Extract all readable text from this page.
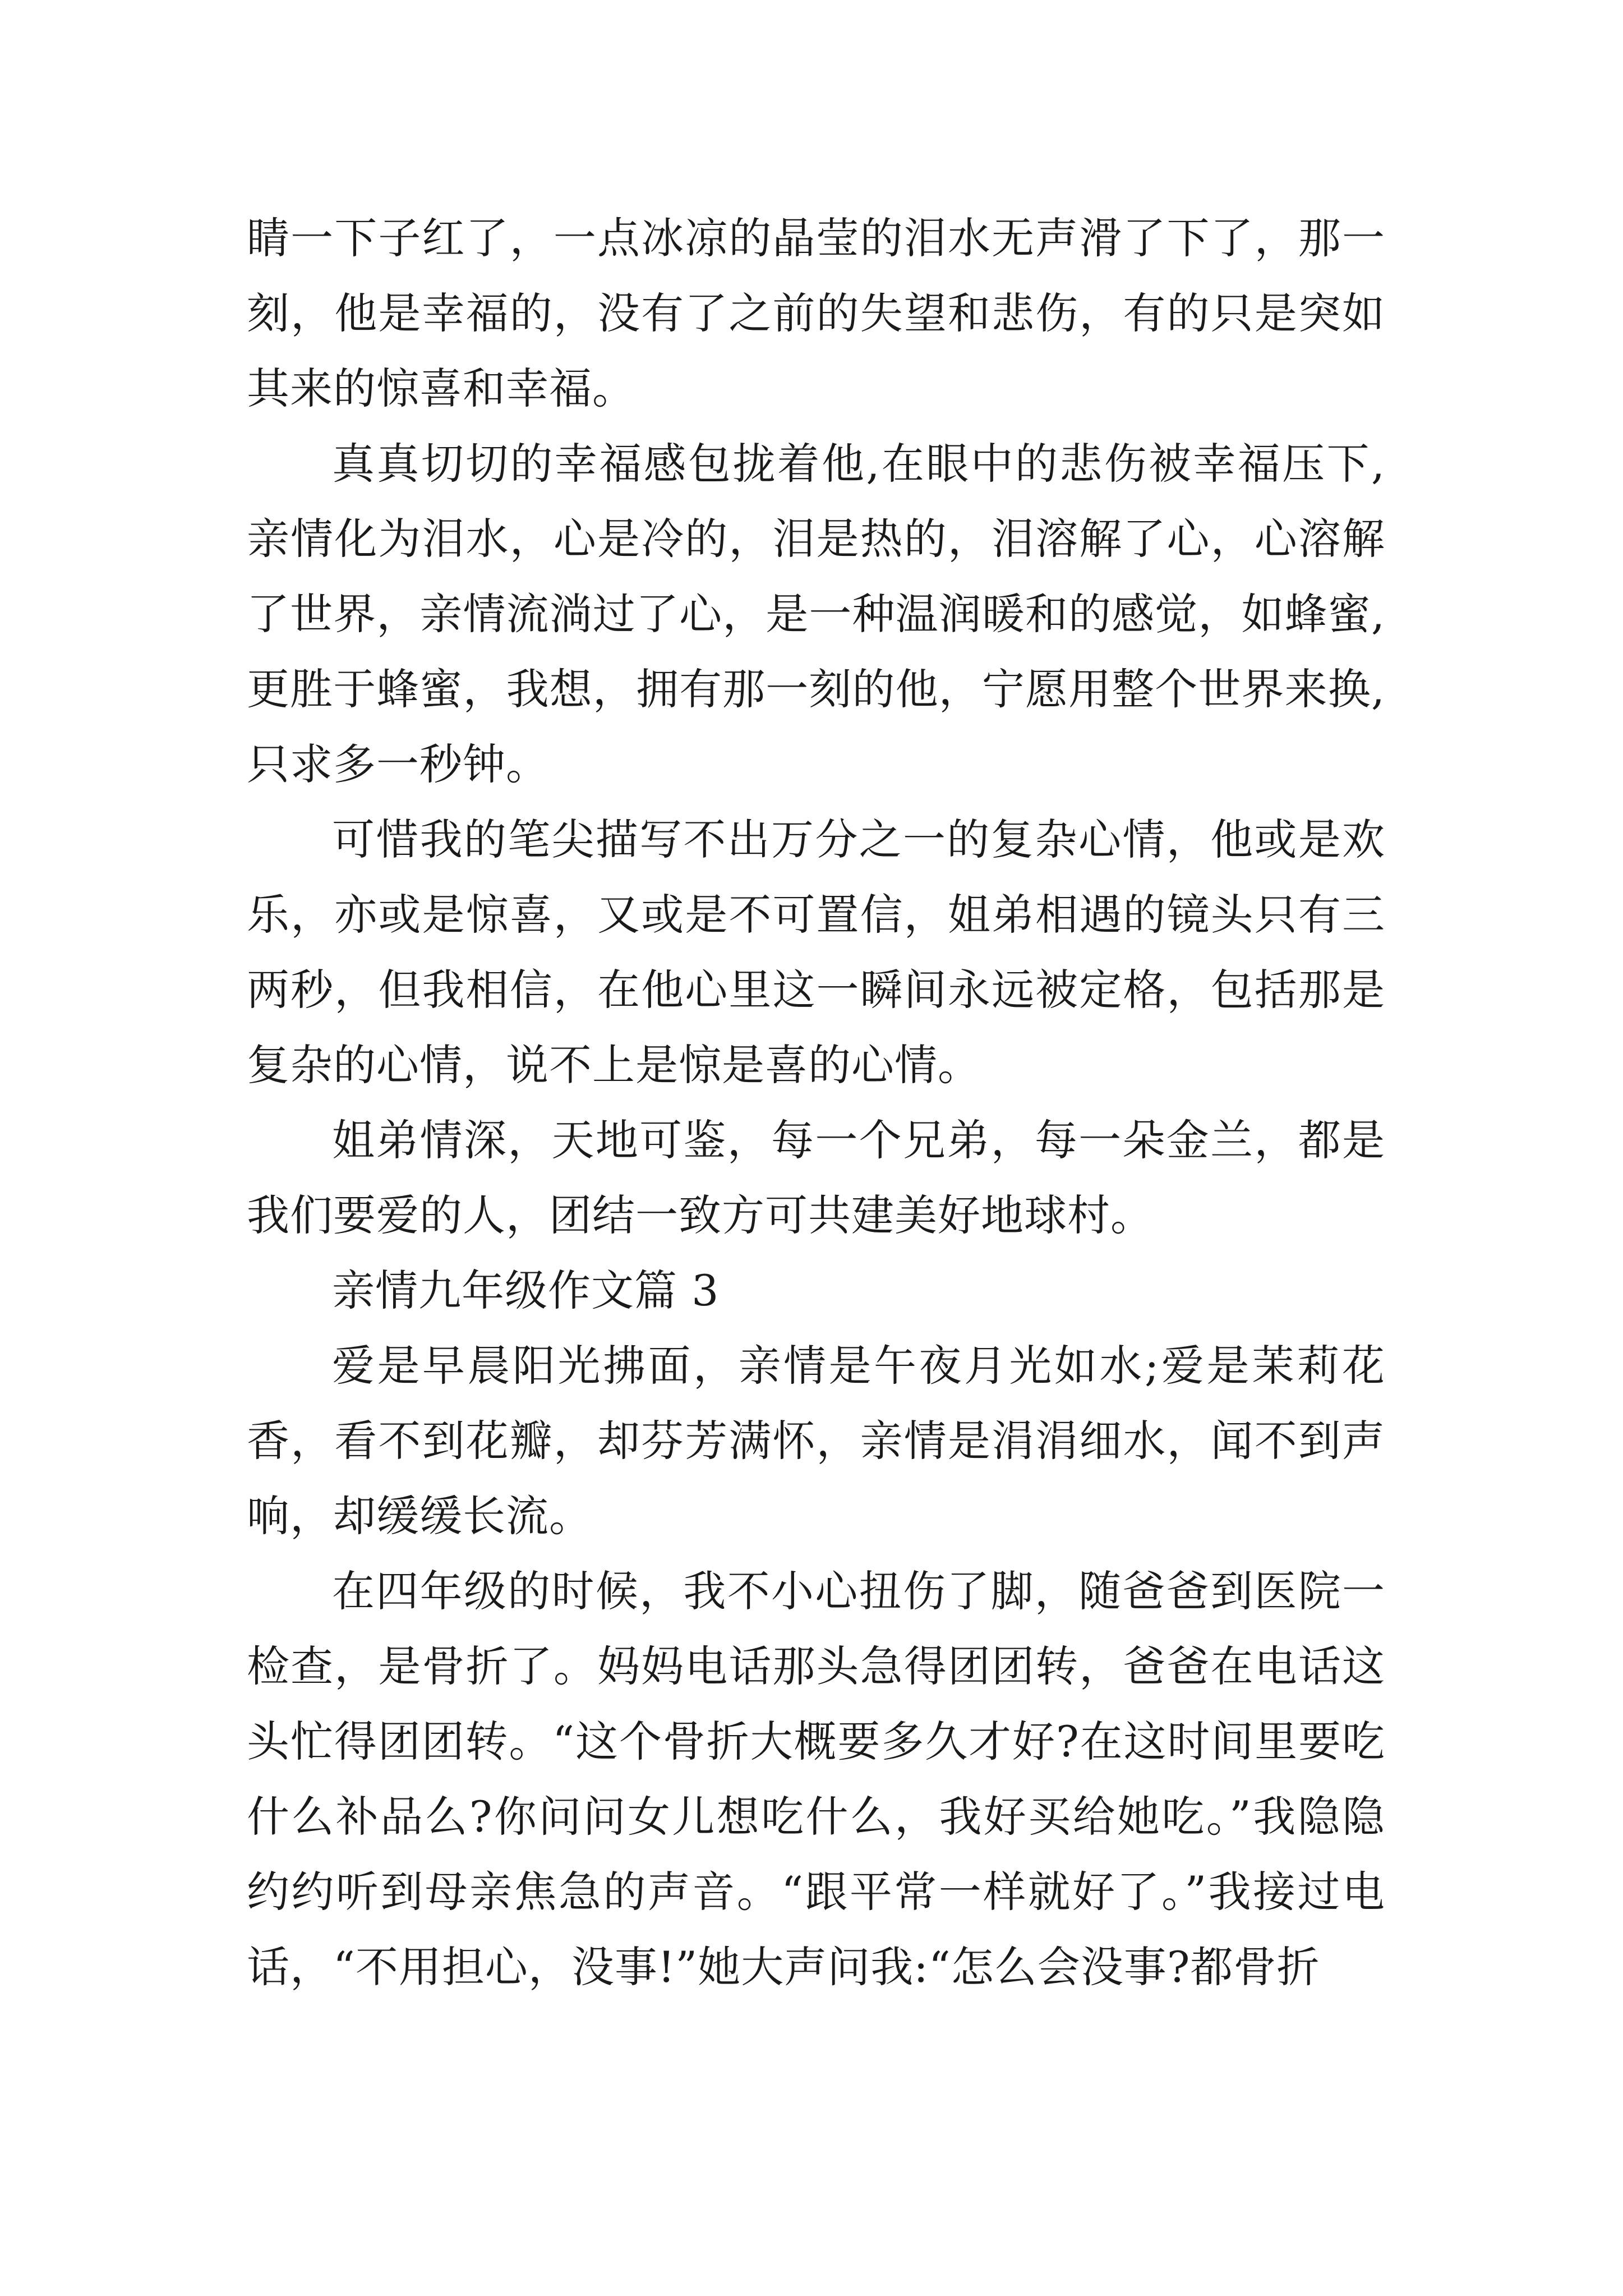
睛一下子红了，一点冰凉的晶莹的泪水无声滑了下了，那一刻，他是幸福的，没有了之前的失望和悲伤，有的只是突如其来的惊喜和幸福。

真真切切的幸福感包拢着他,在眼中的悲伤被幸福压下,亲情化为泪水，心是冷的，泪是热的，泪溶解了心，心溶解了世界，亲情流淌过了心，是一种温润暖和的感觉，如蜂蜜,更胜于蜂蜜，我想，拥有那一刻的他，宁愿用整个世界来换,只求多一秒钟。

可惜我的笔尖描写不出万分之一的复杂心情，他或是欢乐，亦或是惊喜，又或是不可置信，姐弟相遇的镜头只有三两秒，但我相信，在他心里这一瞬间永远被定格，包括那是复杂的心情，说不上是惊是喜的心情。

姐弟情深，天地可鉴，每一个兄弟，每一朵金兰，都是我们要爱的人，团结一致方可共建美好地球村。

亲情九年级作文篇 3

爱是早晨阳光拂面，亲情是午夜月光如水;爱是茉莉花香，看不到花瓣，却芬芳满怀，亲情是涓涓细水，闻不到声响，却缓缓长流。

在四年级的时候，我不小心扭伤了脚，随爸爸到医院一检查，是骨折了。妈妈电话那头急得团团转，爸爸在电话这头忙得团团转。“这个骨折大概要多久才好?在这时间里要吃什么补品么?你问问女儿想吃什么，我好买给她吃。”我隐隐约约听到母亲焦急的声音。“跟平常一样就好了。”我接过电话，“不用担心，没事!”她大声问我:“怎么会没事?都骨折
